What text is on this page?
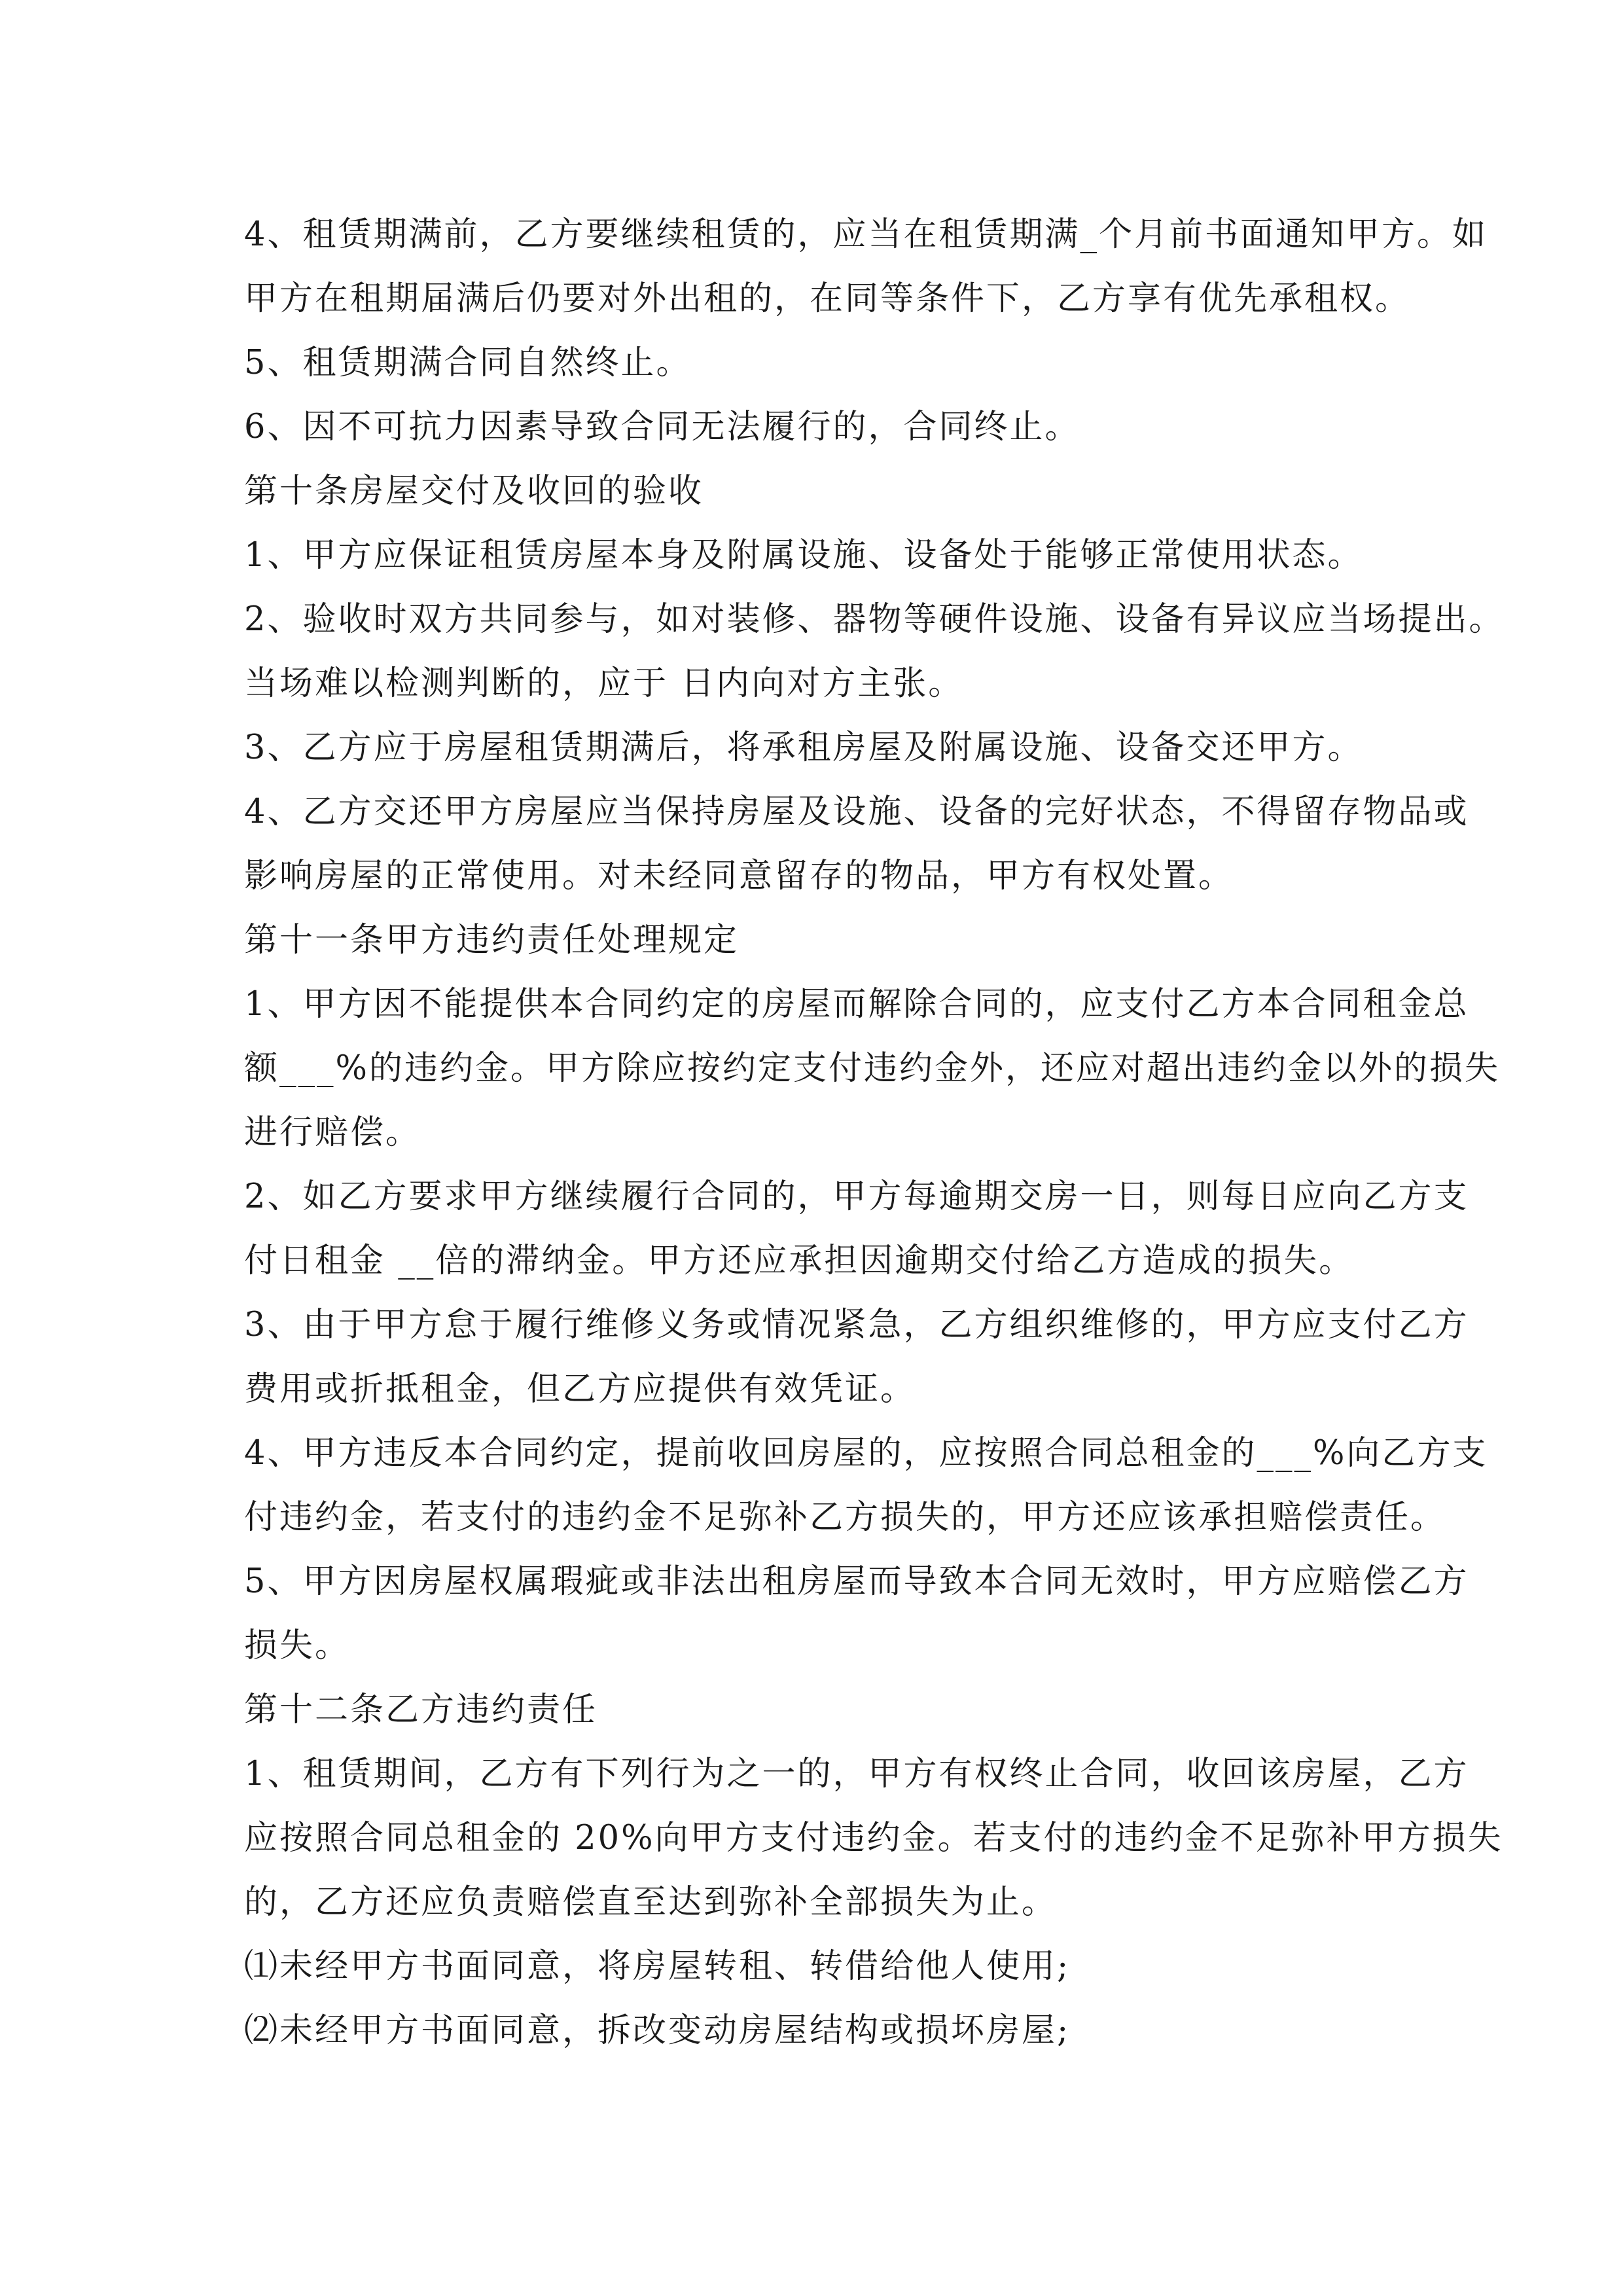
4、租赁期满前，乙方要继续租赁的，应当在租赁期满_个月前书面通知甲方。如
甲方在租期届满后仍要对外出租的，在同等条件下，乙方享有优先承租权。
5、租赁期满合同自然终止。
6、因不可抗力因素导致合同无法履行的，合同终止。
第十条房屋交付及收回的验收
1、甲方应保证租赁房屋本身及附属设施、设备处于能够正常使用状态。
2、验收时双方共同参与，如对装修、器物等硬件设施、设备有异议应当场提出。
当场难以检测判断的，应于 日内向对方主张。
3、乙方应于房屋租赁期满后，将承租房屋及附属设施、设备交还甲方。
4、乙方交还甲方房屋应当保持房屋及设施、设备的完好状态，不得留存物品或
影响房屋的正常使用。对未经同意留存的物品，甲方有权处置。
第十一条甲方违约责任处理规定
1、甲方因不能提供本合同约定的房屋而解除合同的，应支付乙方本合同租金总
额___%的违约金。甲方除应按约定支付违约金外，还应对超出违约金以外的损失
进行赔偿。
2、如乙方要求甲方继续履行合同的，甲方每逾期交房一日，则每日应向乙方支
付日租金 __倍的滞纳金。甲方还应承担因逾期交付给乙方造成的损失。
3、由于甲方怠于履行维修义务或情况紧急，乙方组织维修的，甲方应支付乙方
费用或折抵租金，但乙方应提供有效凭证。
4、甲方违反本合同约定，提前收回房屋的，应按照合同总租金的___%向乙方支
付违约金，若支付的违约金不足弥补乙方损失的，甲方还应该承担赔偿责任。
5、甲方因房屋权属瑕疵或非法出租房屋而导致本合同无效时，甲方应赔偿乙方
损失。
第十二条乙方违约责任
1、租赁期间，乙方有下列行为之一的，甲方有权终止合同，收回该房屋，乙方
应按照合同总租金的 20%向甲方支付违约金。若支付的违约金不足弥补甲方损失
的，乙方还应负责赔偿直至达到弥补全部损失为止。
⑴未经甲方书面同意，将房屋转租、转借给他人使用;
⑵未经甲方书面同意，拆改变动房屋结构或损坏房屋;
